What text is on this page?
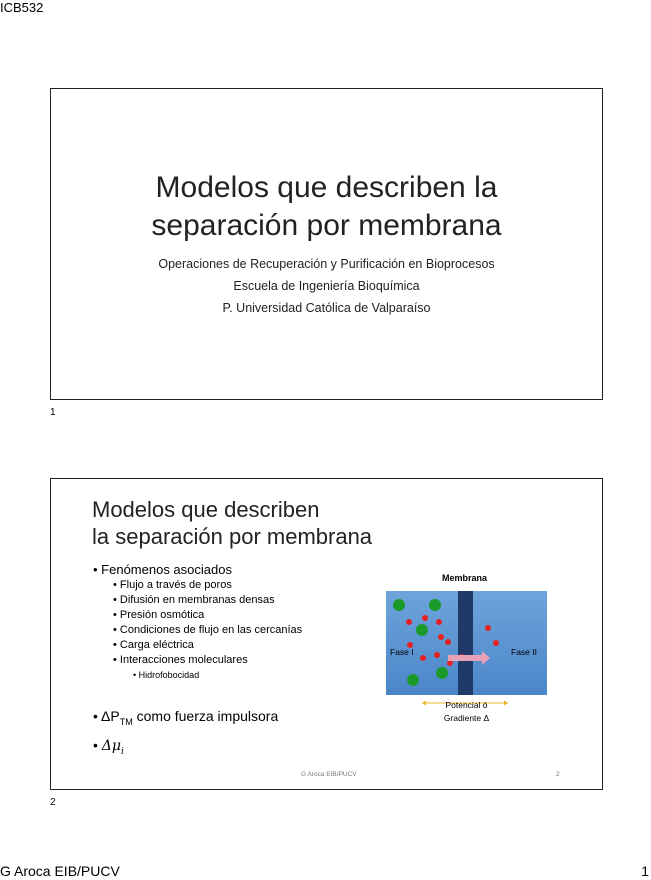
ICB532
Modelos que describen la
separación por membrana
Operaciones de Recuperación y Purificación en Bioprocesos
Escuela de Ingeniería Bioquímica
P. Universidad Católica de Valparaíso
1
Modelos que describen
la separación por membrana
• Fenómenos asociados
• Flujo a través de poros
• Difusión en membranas densas
• Presión osmótica
• Condiciones de flujo en las cercanías
• Carga eléctrica
• Interacciones moleculares
• Hidrofobocidad
• $\Delta P_{TM}$ como fuerza impulsora
• $\Delta\mu_i$
Membrana
Fase I	Fase II
Potencial ó
Gradiente Δ
G Aroca EIB/PUCV	2
2
G Aroca EIB/PUCV	1
